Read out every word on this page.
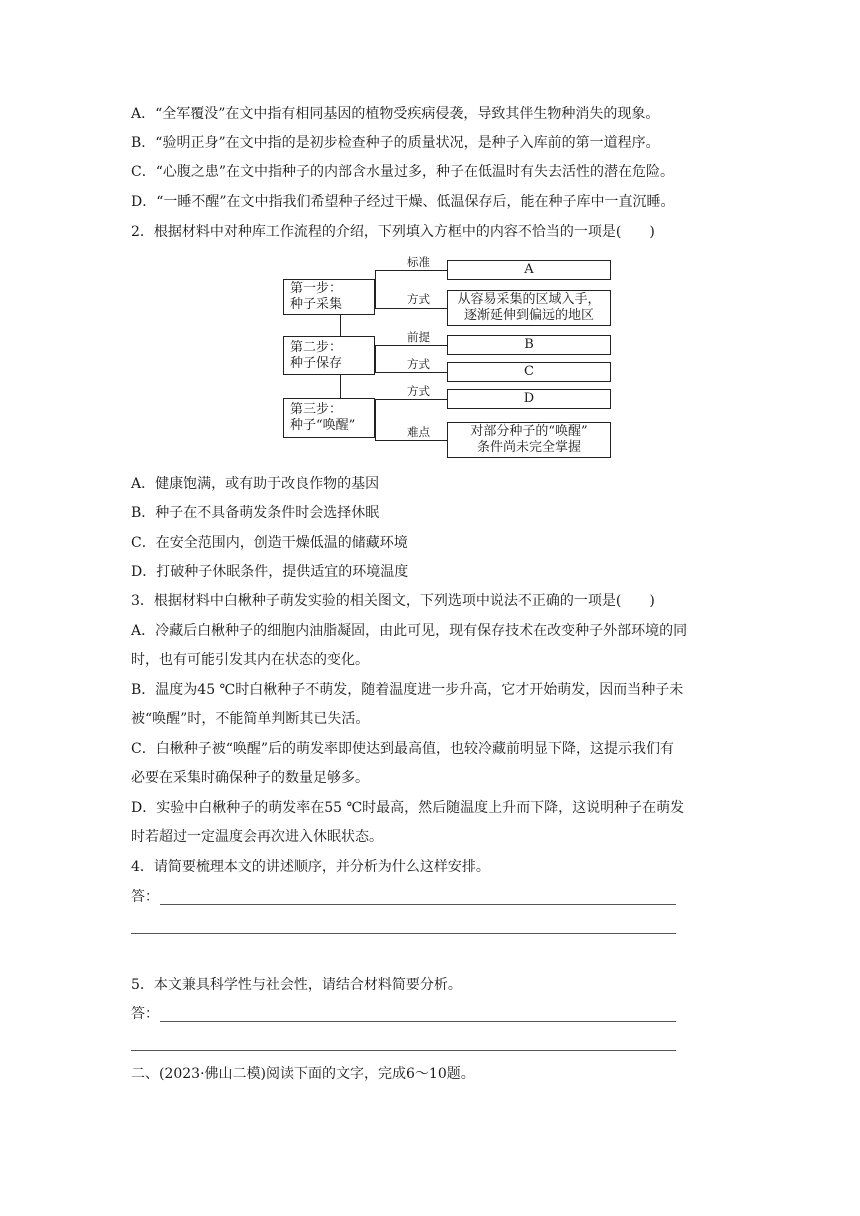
A．“全军覆没”在文中指有相同基因的植物受疾病侵袭，导致其伴生物种消失的现象。
B．“验明正身”在文中指的是初步检查种子的质量状况，是种子入库前的第一道程序。
C．“心腹之患”在文中指种子的内部含水量过多，种子在低温时有失去活性的潜在危险。
D．“一睡不醒”在文中指我们希望种子经过干燥、低温保存后，能在种子库中一直沉睡。
2．根据材料中对种库工作流程的介绍，下列填入方框中的内容不恰当的一项是(　　)
第一步：
种子采集
第二步：
种子保存
第三步：
种子“唤醒”
标准
方式
前提
方式
方式
难点
A
从容易采集的区域入手，
逐渐延伸到偏远的地区
B
C
D
对部分种子的“唤醒”
条件尚未完全掌握
A．健康饱满，或有助于改良作物的基因
B．种子在不具备萌发条件时会选择休眠
C．在安全范围内，创造干燥低温的储藏环境
D．打破种子休眠条件，提供适宜的环境温度
3．根据材料中白楸种子萌发实验的相关图文，下列选项中说法不正确的一项是(　　)
A．冷藏后白楸种子的细胞内油脂凝固，由此可见，现有保存技术在改变种子外部环境的同
时，也有可能引发其内在状态的变化。
B．温度为45 ℃时白楸种子不萌发，随着温度进一步升高，它才开始萌发，因而当种子未
被“唤醒”时，不能简单判断其已失活。
C．白楸种子被“唤醒”后的萌发率即使达到最高值，也较冷藏前明显下降，这提示我们有
必要在采集时确保种子的数量足够多。
D．实验中白楸种子的萌发率在55 ℃时最高，然后随温度上升而下降，这说明种子在萌发
时若超过一定温度会再次进入休眠状态。
4．请简要梳理本文的讲述顺序，并分析为什么这样安排。
答：
5．本文兼具科学性与社会性，请结合材料简要分析。
答：
二、(2023·佛山二模)阅读下面的文字，完成6～10题。
